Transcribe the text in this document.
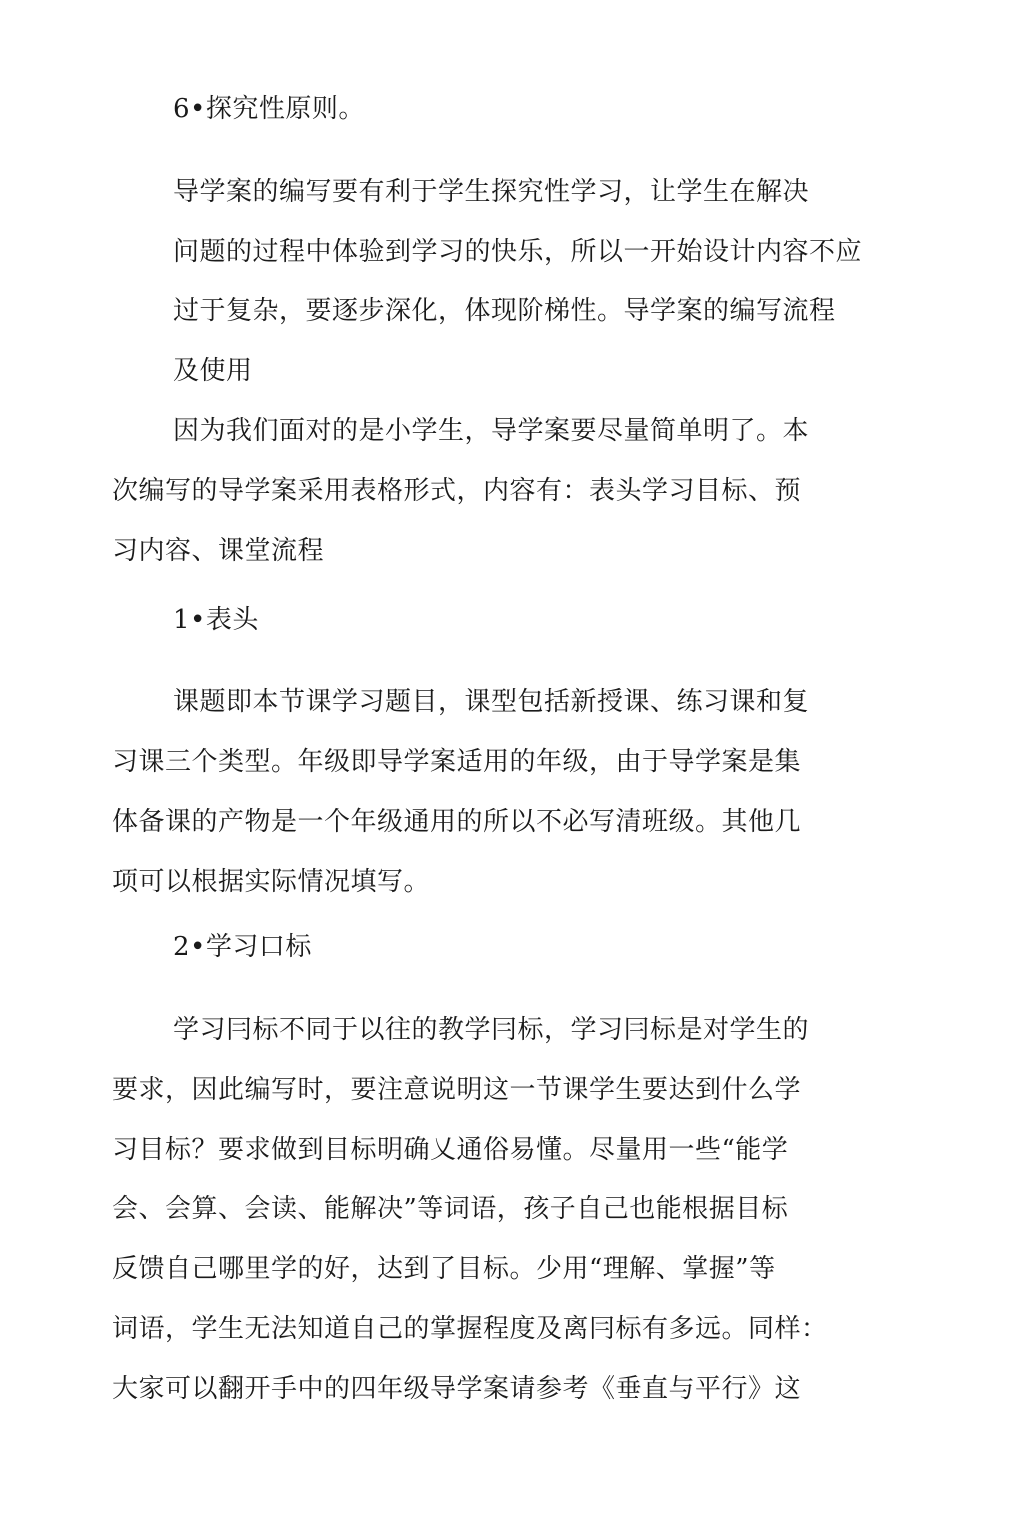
6•探究性原则。
导学案的编写要有利于学生探究性学习，让学生在解决
问题的过程中体验到学习的快乐，所以一开始设计内容不应
过于复杂，要逐步深化，体现阶梯性。导学案的编写流程
及使用
因为我们面对的是小学生，导学案要尽量简单明了。本
次编写的导学案采用表格形式，内容有：表头学习目标、预
习内容、课堂流程
1•表头
课题即本节课学习题目，课型包括新授课、练习课和复
习课三个类型。年级即导学案适用的年级，由于导学案是集
体备课的产物是一个年级通用的所以不必写清班级。其他几
项可以根据实际情况填写。
2•学习口标
学习冃标不同于以往的教学冃标，学习冃标是对学生的
要求，因此编写时，要注意说明这一节课学生要达到什么学
习目标？要求做到目标明确乂通俗易懂。尽量用一些“能学
会、会算、会读、能解决”等词语，孩子自己也能根据目标
反馈自己哪里学的好，达到了目标。少用“理解、掌握”等
词语，学生无法知道自己的掌握程度及离冃标有多远。同样：
大家可以翻开手中的四年级导学案请参考《垂直与平行》这
